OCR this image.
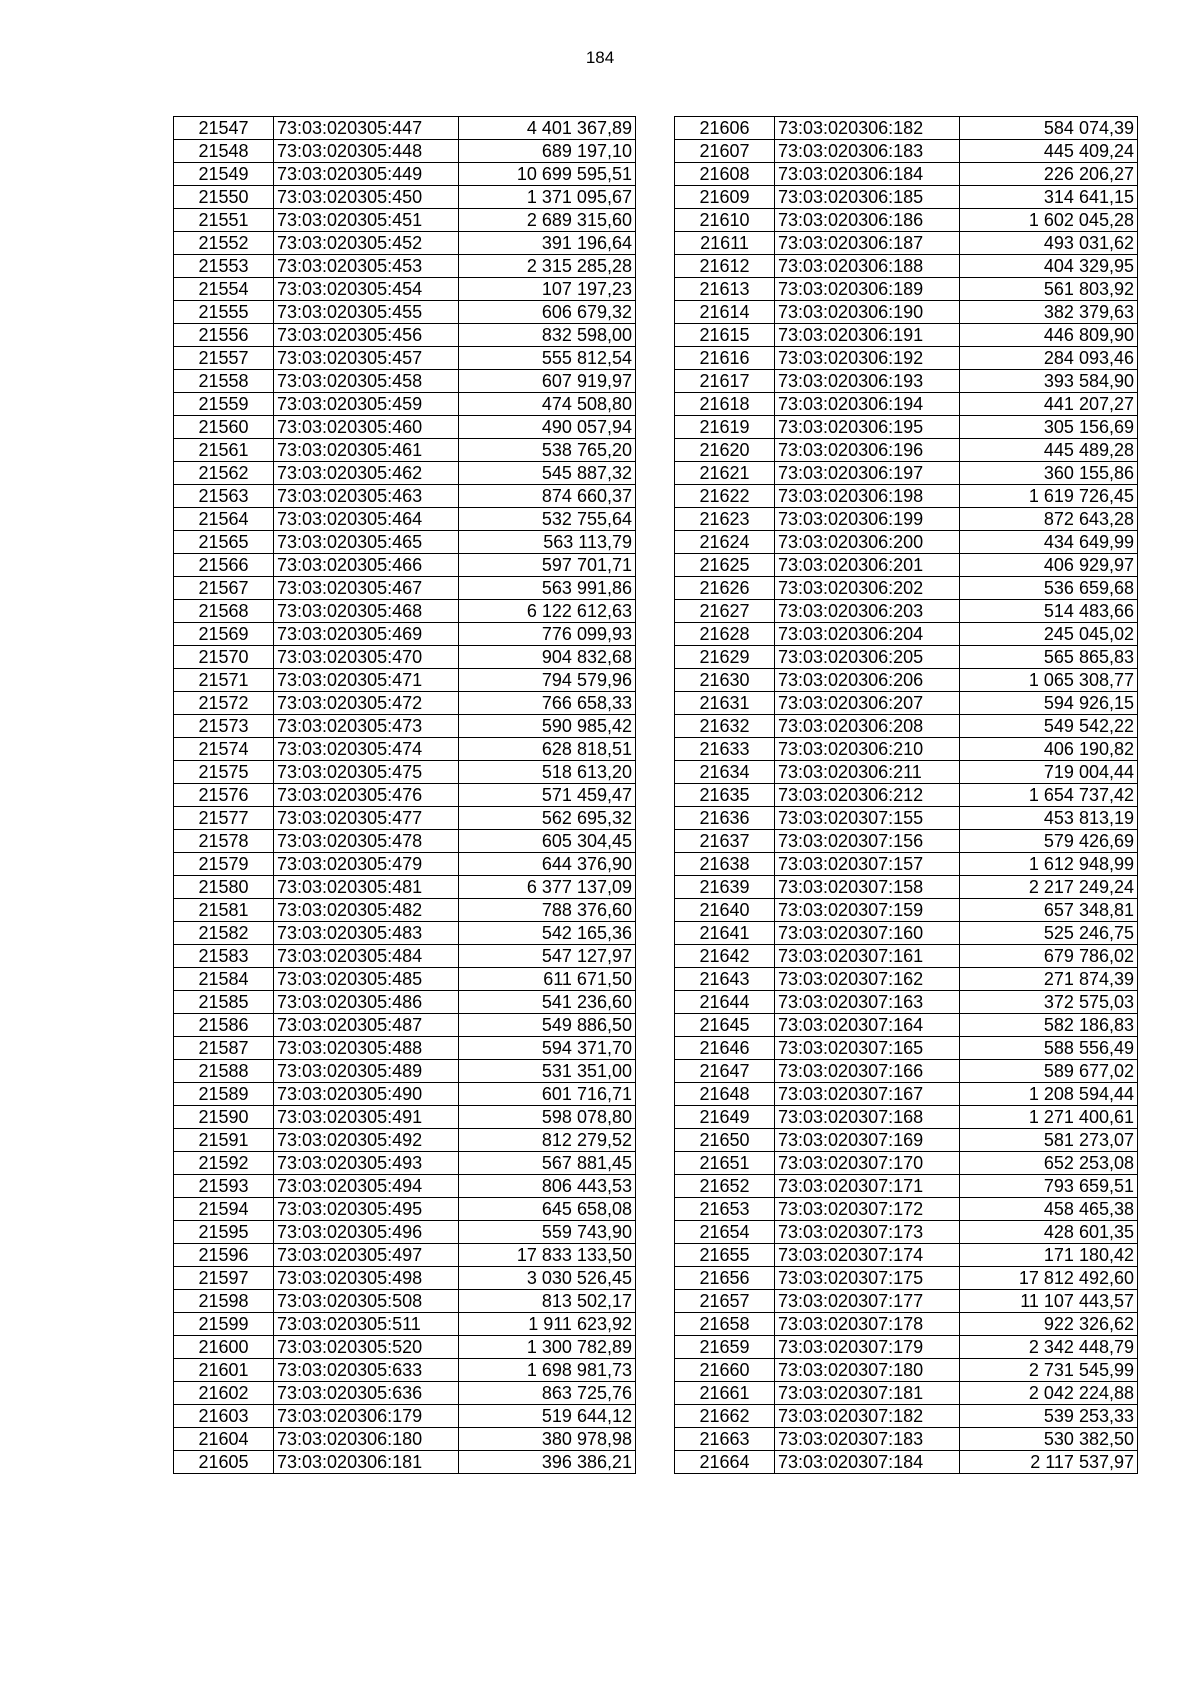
184
21547	73:03:020305:447	4 401 367,89
21548	73:03:020305:448	689 197,10
21549	73:03:020305:449	10 699 595,51
21550	73:03:020305:450	1 371 095,67
21551	73:03:020305:451	2 689 315,60
21552	73:03:020305:452	391 196,64
21553	73:03:020305:453	2 315 285,28
21554	73:03:020305:454	107 197,23
21555	73:03:020305:455	606 679,32
21556	73:03:020305:456	832 598,00
21557	73:03:020305:457	555 812,54
21558	73:03:020305:458	607 919,97
21559	73:03:020305:459	474 508,80
21560	73:03:020305:460	490 057,94
21561	73:03:020305:461	538 765,20
21562	73:03:020305:462	545 887,32
21563	73:03:020305:463	874 660,37
21564	73:03:020305:464	532 755,64
21565	73:03:020305:465	563 113,79
21566	73:03:020305:466	597 701,71
21567	73:03:020305:467	563 991,86
21568	73:03:020305:468	6 122 612,63
21569	73:03:020305:469	776 099,93
21570	73:03:020305:470	904 832,68
21571	73:03:020305:471	794 579,96
21572	73:03:020305:472	766 658,33
21573	73:03:020305:473	590 985,42
21574	73:03:020305:474	628 818,51
21575	73:03:020305:475	518 613,20
21576	73:03:020305:476	571 459,47
21577	73:03:020305:477	562 695,32
21578	73:03:020305:478	605 304,45
21579	73:03:020305:479	644 376,90
21580	73:03:020305:481	6 377 137,09
21581	73:03:020305:482	788 376,60
21582	73:03:020305:483	542 165,36
21583	73:03:020305:484	547 127,97
21584	73:03:020305:485	611 671,50
21585	73:03:020305:486	541 236,60
21586	73:03:020305:487	549 886,50
21587	73:03:020305:488	594 371,70
21588	73:03:020305:489	531 351,00
21589	73:03:020305:490	601 716,71
21590	73:03:020305:491	598 078,80
21591	73:03:020305:492	812 279,52
21592	73:03:020305:493	567 881,45
21593	73:03:020305:494	806 443,53
21594	73:03:020305:495	645 658,08
21595	73:03:020305:496	559 743,90
21596	73:03:020305:497	17 833 133,50
21597	73:03:020305:498	3 030 526,45
21598	73:03:020305:508	813 502,17
21599	73:03:020305:511	1 911 623,92
21600	73:03:020305:520	1 300 782,89
21601	73:03:020305:633	1 698 981,73
21602	73:03:020305:636	863 725,76
21603	73:03:020306:179	519 644,12
21604	73:03:020306:180	380 978,98
21605	73:03:020306:181	396 386,21
21606	73:03:020306:182	584 074,39
21607	73:03:020306:183	445 409,24
21608	73:03:020306:184	226 206,27
21609	73:03:020306:185	314 641,15
21610	73:03:020306:186	1 602 045,28
21611	73:03:020306:187	493 031,62
21612	73:03:020306:188	404 329,95
21613	73:03:020306:189	561 803,92
21614	73:03:020306:190	382 379,63
21615	73:03:020306:191	446 809,90
21616	73:03:020306:192	284 093,46
21617	73:03:020306:193	393 584,90
21618	73:03:020306:194	441 207,27
21619	73:03:020306:195	305 156,69
21620	73:03:020306:196	445 489,28
21621	73:03:020306:197	360 155,86
21622	73:03:020306:198	1 619 726,45
21623	73:03:020306:199	872 643,28
21624	73:03:020306:200	434 649,99
21625	73:03:020306:201	406 929,97
21626	73:03:020306:202	536 659,68
21627	73:03:020306:203	514 483,66
21628	73:03:020306:204	245 045,02
21629	73:03:020306:205	565 865,83
21630	73:03:020306:206	1 065 308,77
21631	73:03:020306:207	594 926,15
21632	73:03:020306:208	549 542,22
21633	73:03:020306:210	406 190,82
21634	73:03:020306:211	719 004,44
21635	73:03:020306:212	1 654 737,42
21636	73:03:020307:155	453 813,19
21637	73:03:020307:156	579 426,69
21638	73:03:020307:157	1 612 948,99
21639	73:03:020307:158	2 217 249,24
21640	73:03:020307:159	657 348,81
21641	73:03:020307:160	525 246,75
21642	73:03:020307:161	679 786,02
21643	73:03:020307:162	271 874,39
21644	73:03:020307:163	372 575,03
21645	73:03:020307:164	582 186,83
21646	73:03:020307:165	588 556,49
21647	73:03:020307:166	589 677,02
21648	73:03:020307:167	1 208 594,44
21649	73:03:020307:168	1 271 400,61
21650	73:03:020307:169	581 273,07
21651	73:03:020307:170	652 253,08
21652	73:03:020307:171	793 659,51
21653	73:03:020307:172	458 465,38
21654	73:03:020307:173	428 601,35
21655	73:03:020307:174	171 180,42
21656	73:03:020307:175	17 812 492,60
21657	73:03:020307:177	11 107 443,57
21658	73:03:020307:178	922 326,62
21659	73:03:020307:179	2 342 448,79
21660	73:03:020307:180	2 731 545,99
21661	73:03:020307:181	2 042 224,88
21662	73:03:020307:182	539 253,33
21663	73:03:020307:183	530 382,50
21664	73:03:020307:184	2 117 537,97
